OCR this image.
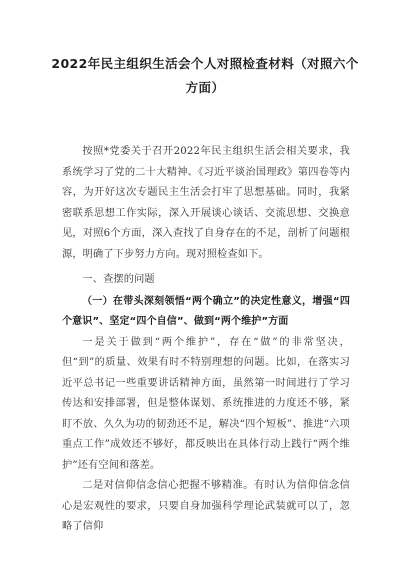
2022年民主组织生活会个人对照检查材料（对照六个方面）

按照*党委关于召开2022年民主组织生活会相关要求，我系统学习了党的二十大精神、《习近平谈治国理政》第四卷等内容，为开好这次专题民主生活会打牢了思想基础。同时，我紧密联系思想工作实际，深入开展谈心谈话、交流思想、交换意见，对照6个方面，深入查找了自身存在的不足，剖析了问题根源，明确了下步努力方向。现对照检查如下。

一、查摆的问题

（一）在带头深刻领悟“两个确立”的决定性意义，增强“四个意识”、坚定“四个自信”、做到“两个维护”方面

一是关于做到“两个维护”，存在“做”的非常坚决，但“到”的质量、效果有时不特别理想的问题。比如，在落实习近平总书记一些重要讲话精神方面，虽然第一时间进行了学习传达和安排部署，但是整体谋划、系统推进的力度还不够，紧盯不放、久久为功的韧劲还不足，解决“四个短板”、推进“六项重点工作”成效还不够好，都反映出在具体行动上践行“两个维护”还有空间和落差。

二是对信仰信念信心把握不够精准。有时认为信仰信念信心是宏观性的要求，只要自身加强科学理论武装就可以了，忽略了信仰
